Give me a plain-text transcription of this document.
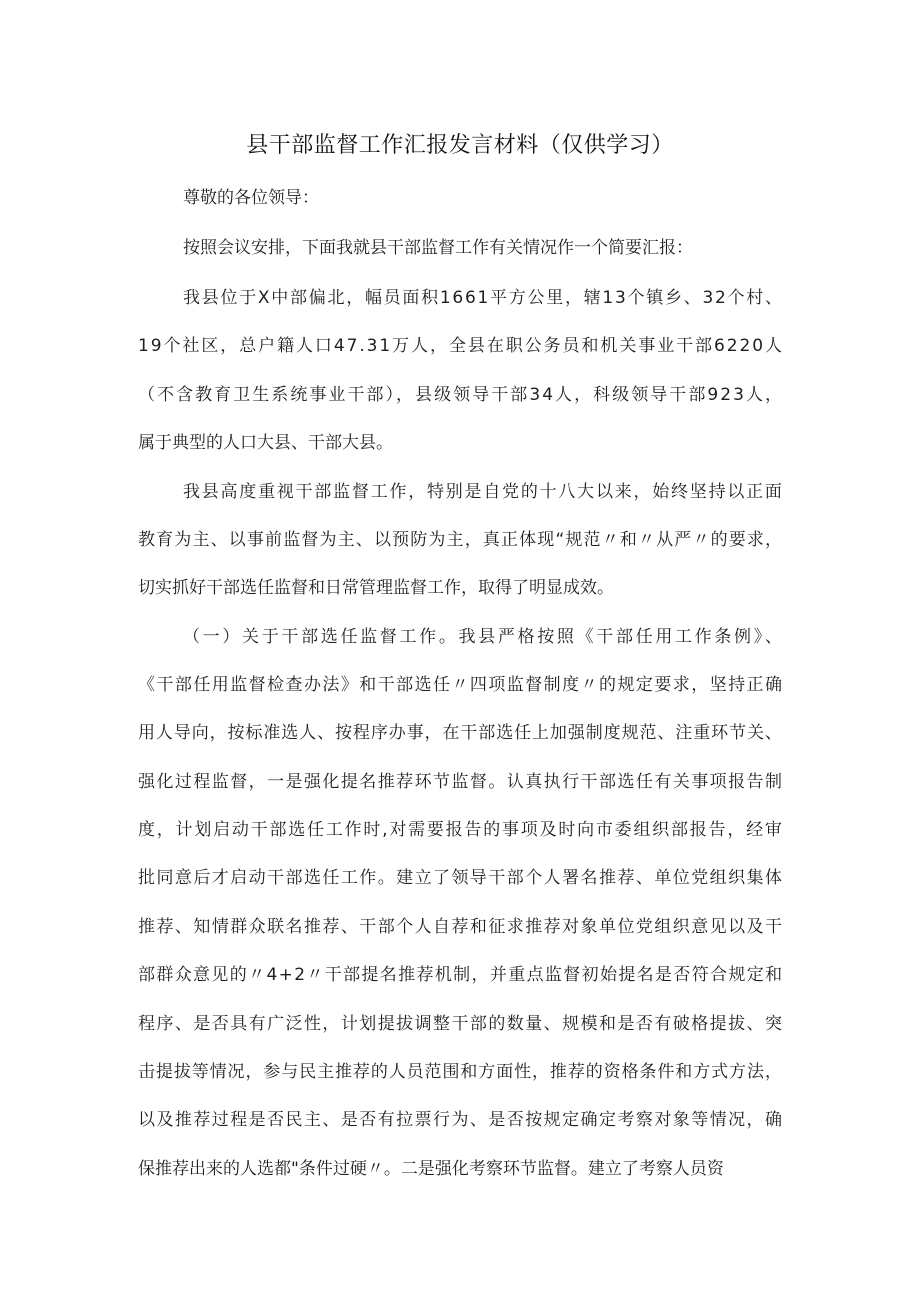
县干部监督工作汇报发言材料（仅供学习）
尊敬的各位领导：
按照会议安排，下面我就县干部监督工作有关情况作一个简要汇报：
我县位于X中部偏北，幅员面积1661平方公里，辖13个镇乡、32个村、
19个社区，总户籍人口47.31万人，全县在职公务员和机关事业干部6220人
（不含教育卫生系统事业干部），县级领导干部34人，科级领导干部923人，
属于典型的人口大县、干部大县。
我县高度重视干部监督工作，特别是自党的十八大以来，始终坚持以正面
教育为主、以事前监督为主、以预防为主，真正体现“规范〃和〃从严〃的要求，
切实抓好干部选任监督和日常管理监督工作，取得了明显成效。
（一）关于干部选任监督工作。我县严格按照《干部任用工作条例》、
《干部任用监督检查办法》和干部选任〃四项监督制度〃的规定要求，坚持正确
用人导向，按标准选人、按程序办事，在干部选任上加强制度规范、注重环节关、
强化过程监督，一是强化提名推荐环节监督。认真执行干部选任有关事项报告制
度，计划启动干部选任工作时,对需要报告的事项及时向市委组织部报告，经审
批同意后才启动干部选任工作。建立了领导干部个人署名推荐、单位党组织集体
推荐、知情群众联名推荐、干部个人自荐和征求推荐对象单位党组织意见以及干
部群众意见的〃4+2〃干部提名推荐机制，并重点监督初始提名是否符合规定和
程序、是否具有广泛性，计划提拔调整干部的数量、规模和是否有破格提拔、突
击提拔等情况，参与民主推荐的人员范围和方面性，推荐的资格条件和方式方法，
以及推荐过程是否民主、是否有拉票行为、是否按规定确定考察对象等情况，确
保推荐出来的人选都"条件过硬〃。二是强化考察环节监督。建立了考察人员资
